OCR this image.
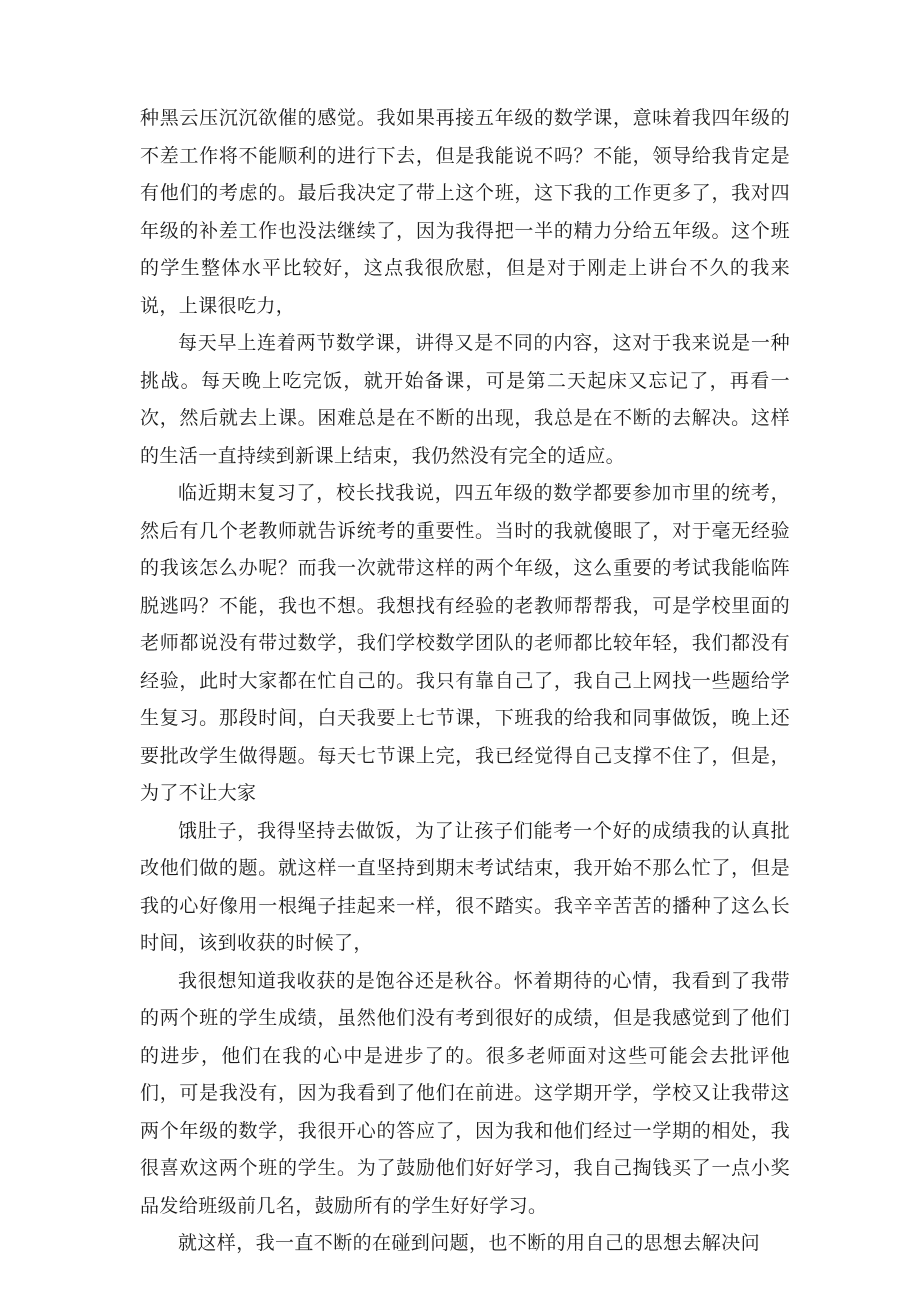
种黑云压沉沉欲催的感觉。我如果再接五年级的数学课，意味着我四年级的不差工作将不能顺利的进行下去，但是我能说不吗？不能，领导给我肯定是有他们的考虑的。最后我决定了带上这个班，这下我的工作更多了，我对四年级的补差工作也没法继续了，因为我得把一半的精力分给五年级。这个班的学生整体水平比较好，这点我很欣慰，但是对于刚走上讲台不久的我来说，上课很吃力，

每天早上连着两节数学课，讲得又是不同的内容，这对于我来说是一种挑战。每天晚上吃完饭，就开始备课，可是第二天起床又忘记了，再看一次，然后就去上课。困难总是在不断的出现，我总是在不断的去解决。这样的生活一直持续到新课上结束，我仍然没有完全的适应。

临近期末复习了，校长找我说，四五年级的数学都要参加市里的统考，然后有几个老教师就告诉统考的重要性。当时的我就傻眼了，对于毫无经验的我该怎么办呢？而我一次就带这样的两个年级，这么重要的考试我能临阵脱逃吗？不能，我也不想。我想找有经验的老教师帮帮我，可是学校里面的老师都说没有带过数学，我们学校数学团队的老师都比较年轻，我们都没有经验，此时大家都在忙自己的。我只有靠自己了，我自己上网找一些题给学生复习。那段时间，白天我要上七节课，下班我的给我和同事做饭，晚上还要批改学生做得题。每天七节课上完，我已经觉得自己支撑不住了，但是，为了不让大家

饿肚子，我得坚持去做饭，为了让孩子们能考一个好的成绩我的认真批改他们做的题。就这样一直坚持到期末考试结束，我开始不那么忙了，但是我的心好像用一根绳子挂起来一样，很不踏实。我辛辛苦苦的播种了这么长时间，该到收获的时候了，

我很想知道我收获的是饱谷还是秋谷。怀着期待的心情，我看到了我带的两个班的学生成绩，虽然他们没有考到很好的成绩，但是我感觉到了他们的进步，他们在我的心中是进步了的。很多老师面对这些可能会去批评他们，可是我没有，因为我看到了他们在前进。这学期开学，学校又让我带这两个年级的数学，我很开心的答应了，因为我和他们经过一学期的相处，我很喜欢这两个班的学生。为了鼓励他们好好学习，我自己掏钱买了一点小奖品发给班级前几名，鼓励所有的学生好好学习。

就这样，我一直不断的在碰到问题，也不断的用自己的思想去解决问
